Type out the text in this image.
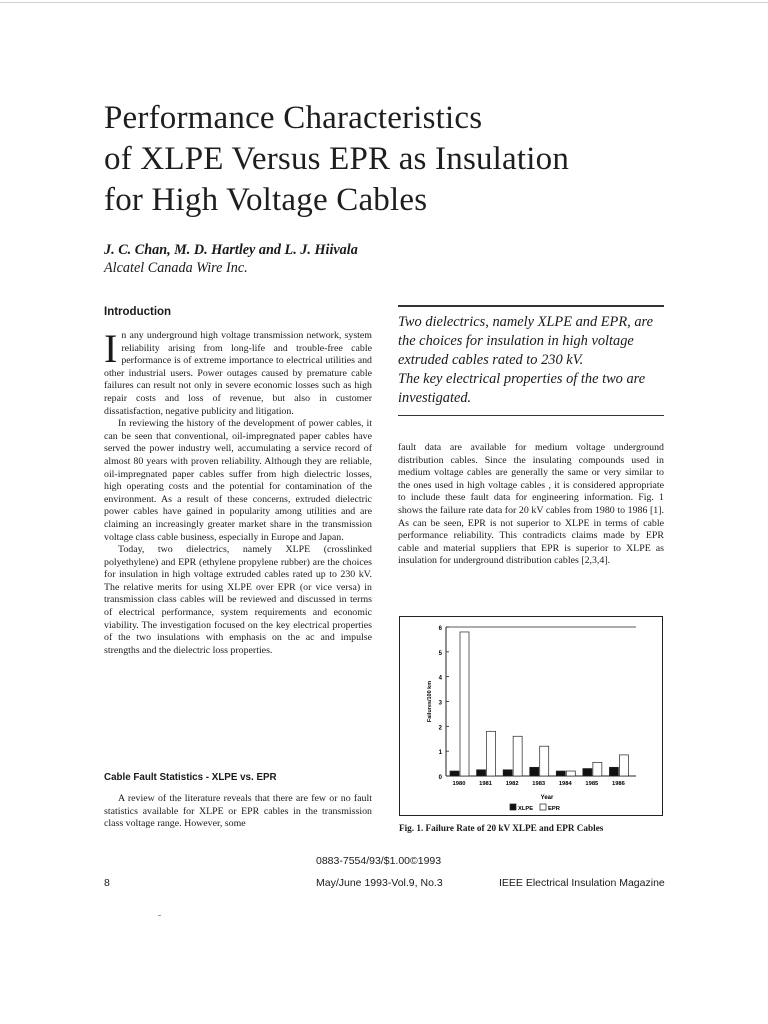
Performance Characteristics
of XLPE Versus EPR as Insulation
for High Voltage Cables
J. C. Chan, M. D. Hartley and L. J. Hiivala
Alcatel Canada Wire Inc.
Introduction

In any underground high voltage transmission network, system reliability arising from long-life and trouble-free cable performance is of extreme importance to electrical utilities and other industrial users. Power outages caused by premature cable failures can result not only in severe economic losses such as high repair costs and loss of revenue, but also in customer dissatisfaction, negative publicity and litigation.

In reviewing the history of the development of power cables, it can be seen that conventional, oil-impregnated paper cables have served the power industry well, accumulating a service record of almost 80 years with proven reliability. Although they are reliable, oil-impregnated paper cables suffer from high dielectric losses, high operating costs and the potential for contamination of the environment. As a result of these concerns, extruded dielectric power cables have gained in popularity among utilities and are claiming an increasingly greater market share in the transmission voltage class cable business, especially in Europe and Japan.

Today, two dielectrics, namely XLPE (crosslinked polyethylene) and EPR (ethylene propylene rubber) are the choices for insulation in high voltage extruded cables rated up to 230 kV. The relative merits for using XLPE over EPR (or vice versa) in transmission class cables will be reviewed and discussed in terms of electrical performance, system requirements and economic viability. The investigation focused on the key electrical properties of the two insulations with emphasis on the ac and impulse strengths and the dielectric loss properties.

Cable Fault Statistics - XLPE vs. EPR

A review of the literature reveals that there are few or no fault statistics available for XLPE or EPR cables in the transmission class voltage range. However, some

Two dielectrics, namely XLPE and EPR, are the choices for insulation in high voltage extruded cables rated to 230 kV.

The key electrical properties of the two are investigated.

fault data are available for medium voltage underground distribution cables. Since the insulating compounds used in medium voltage cables are generally the same or very similar to the ones used in high voltage cables , it is considered appropriate to include these fault data for engineering information. Fig. 1 shows the failure rate data for 20 kV cables from 1980 to 1986 [1]. As can be seen, EPR is not superior to XLPE in terms of cable performance reliability. This contradicts claims made by EPR cable and material suppliers that EPR is superior to XLPE as insulation for underground distribution cables [2,3,4].

0
1
2
3
4
5
6
Failures/100 km
1980 1981 1982 1983 1984 1985 1986
Year
XLPE	EPR
Fig. 1. Failure Rate of 20 kV XLPE and EPR Cables
0883-7554/93/$1.00©1993
8	May/June 1993-Vol.9, No.3	IEEE Electrical Insulation Magazine
